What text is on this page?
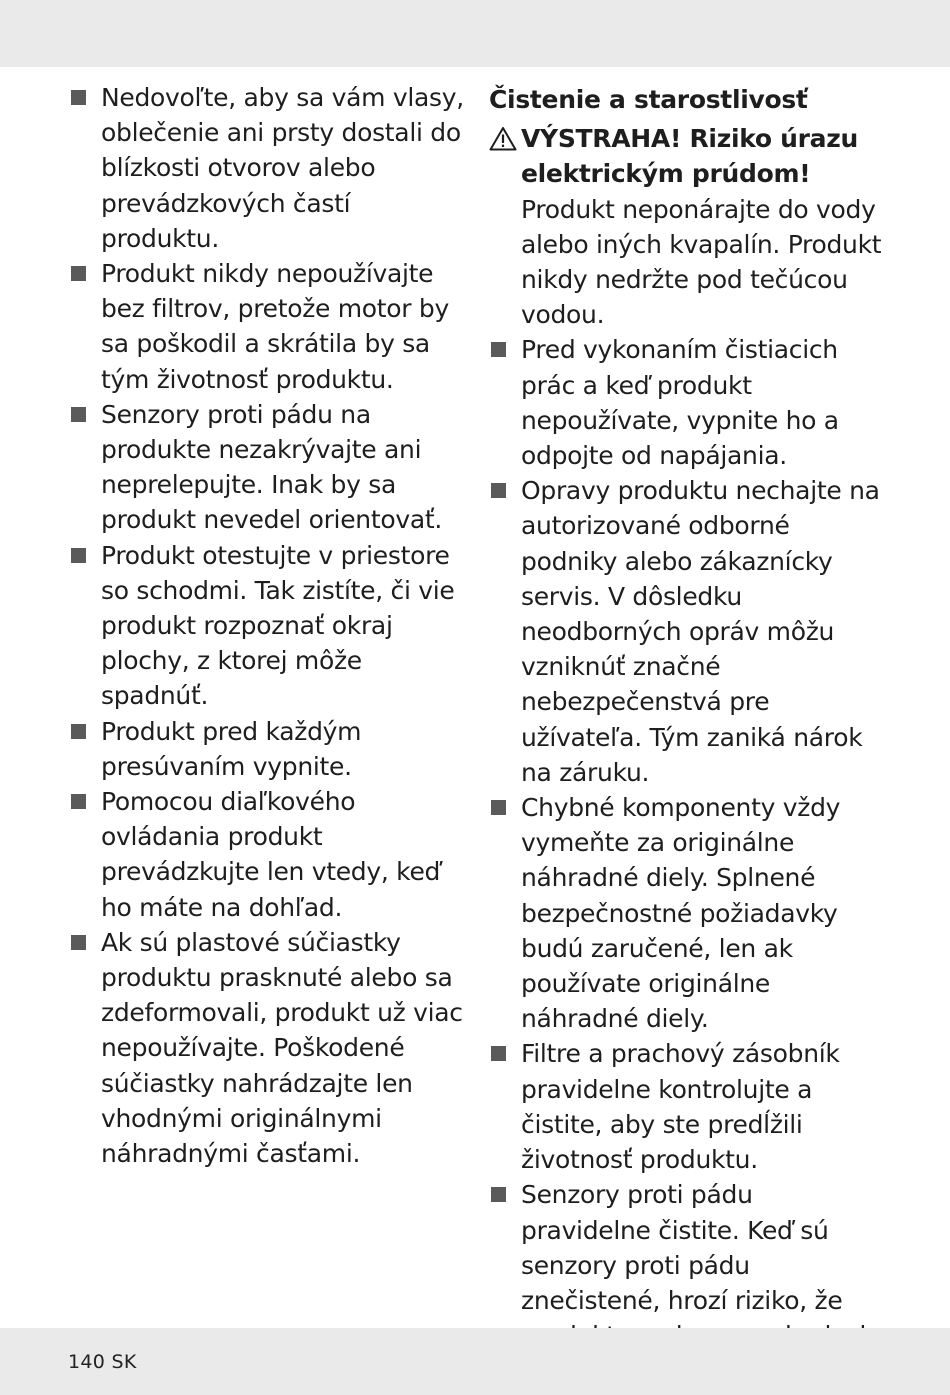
Nedovoľte, aby sa vám vlasy, oblečenie ani prsty dostali do blízkosti otvorov alebo prevádzkových častí produktu.
Produkt nikdy nepoužívajte bez filtrov, pretože motor by sa poškodil a skrátila by sa tým životnosť produktu.
Senzory proti pádu na produkte nezakrývajte ani neprelepujte. Inak by sa produkt nevedel orientovať.
Produkt otestujte v priestore so schodmi. Tak zistíte, či vie produkt rozpoznať okraj plochy, z ktorej môže spadnúť.
Produkt pred každým presúvaním vypnite.
Pomocou diaľkového ovládania produkt prevádzkujte len vtedy, keď ho máte na dohľad.
Ak sú plastové súčiastky produktu prasknuté alebo sa zdeformovali, produkt už viac nepoužívajte. Poškodené súčiastky nahrádzajte len vhodnými originálnymi náhradnými časťami.
Čistenie a starostlivosť
VÝSTRAHA! Riziko úrazu elektrickým prúdom!
Produkt neponárajte do vody alebo iných kvapalín. Produkt nikdy nedržte pod tečúcou vodou.
Pred vykonaním čistiacich prác a keď produkt nepoužívate, vypnite ho a odpojte od napájania.
Opravy produktu nechajte na autorizované odborné podniky alebo zákaznícky servis. V dôsledku neodborných opráv môžu vzniknúť značné nebezpečenstvá pre užívateľa. Tým zaniká nárok na záruku.
Chybné komponenty vždy vymeňte za originálne náhradné diely. Splnené bezpečnostné požiadavky budú zaručené, len ak používate originálne náhradné diely.
Filtre a prachový zásobník pravidelne kontrolujte a čistite, aby ste predĺžili životnosť produktu.
Senzory proti pádu pravidelne čistite. Keď sú senzory proti pádu znečistené, hrozí riziko, že
140 SK
